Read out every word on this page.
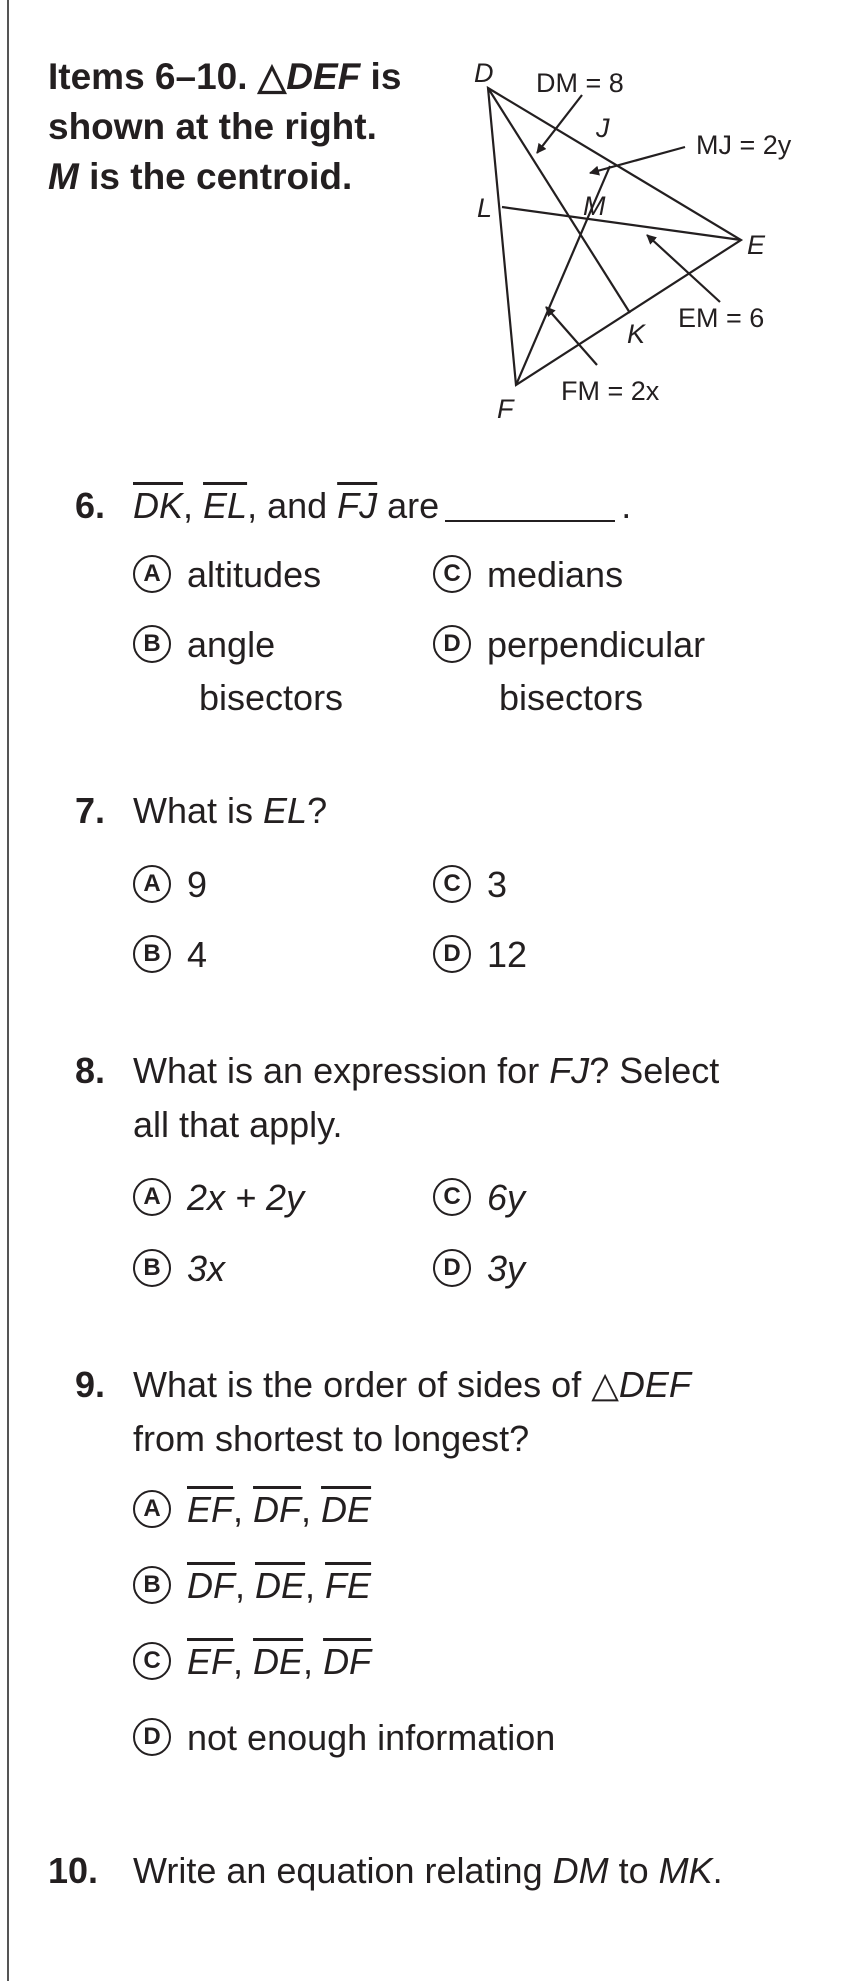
Items 6–10. △DEF is
shown at the right.
M is the centroid.
D
E
F
J
K
L	M
DM = 8
MJ = 2y
EM = 6
FM = 2x
6. $\overline{DK}$, $\overline{EL}$, and $\overline{FJ}$ are	.
A altitudes	C medians
B angle
bisectors
D perpendicular
bisectors
7. What is EL?
A 9	C 3
B 4	D 12
8. What is an expression for FJ? Select
all that apply.
A 2x + 2y	C 6y
B 3x	D 3y
9. What is the order of sides of △DEF
from shortest to longest?
A $\overline{EF}$, $\overline{DF}$, $\overline{DE}$
B $\overline{DF}$, $\overline{DE}$, $\overline{FE}$
C $\overline{EF}$, $\overline{DE}$, $\overline{DF}$
D not enough information
10. Write an equation relating DM to MK.
